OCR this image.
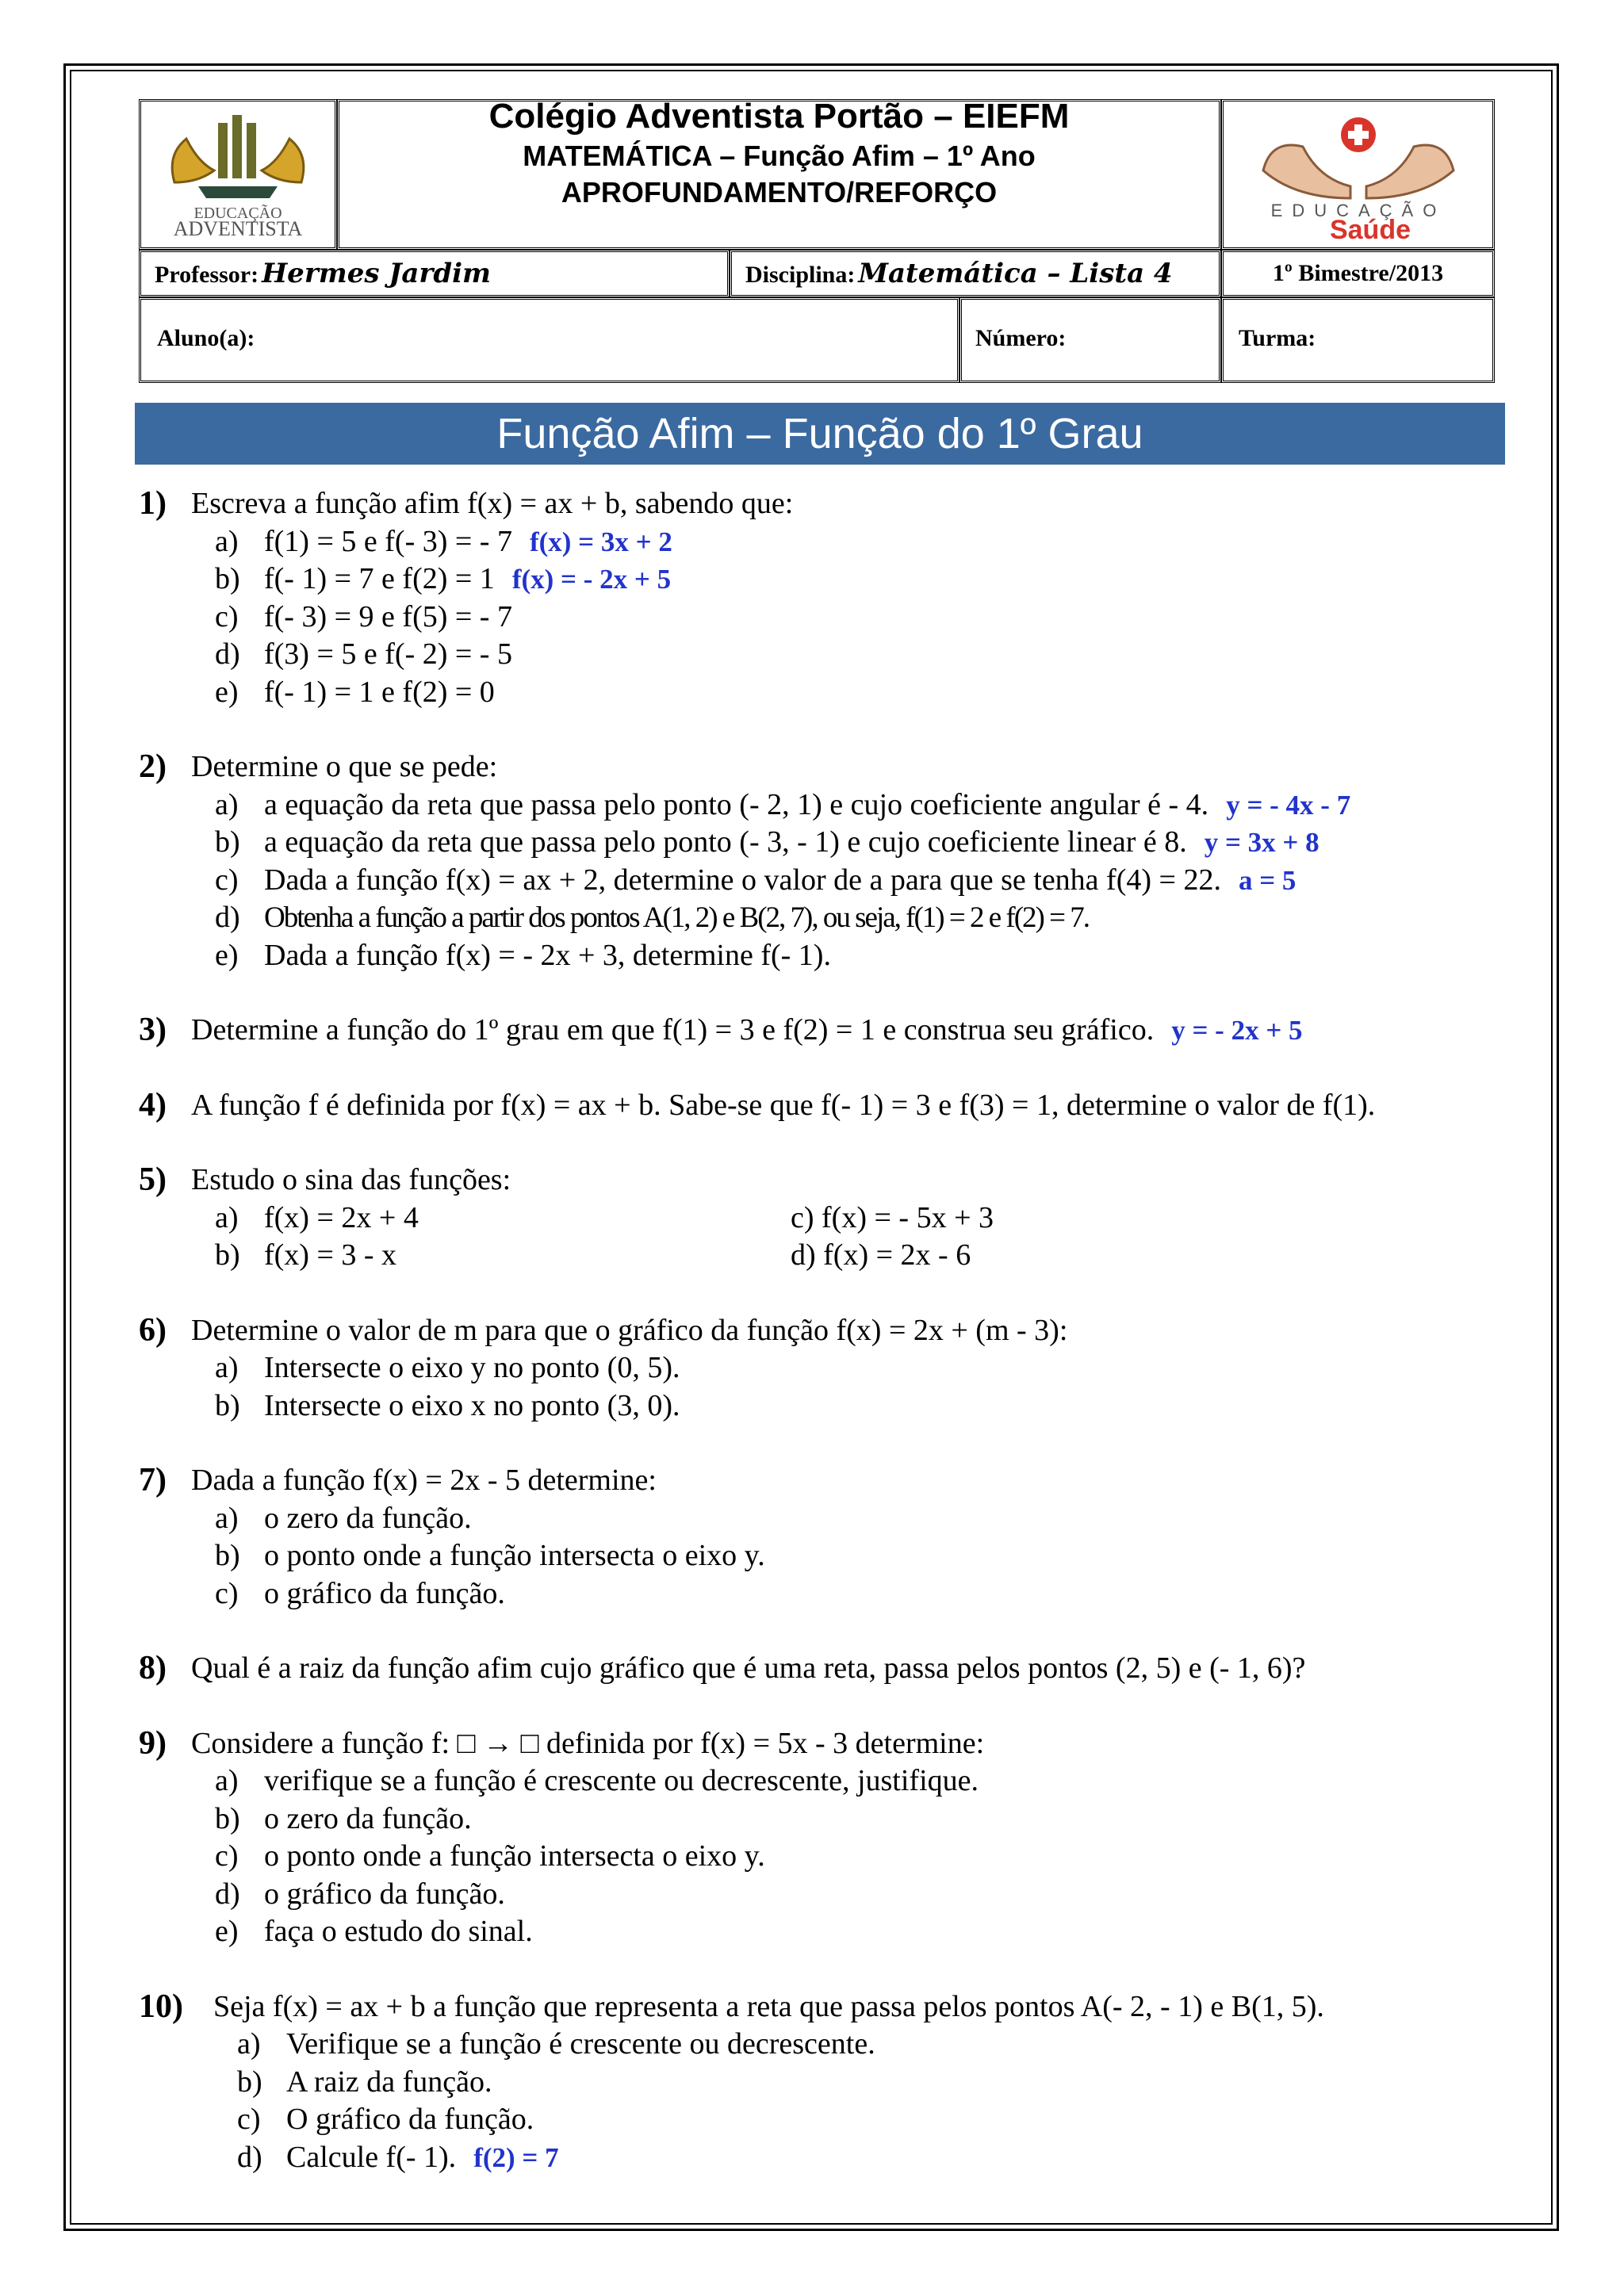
EDUCAÇÃO
ADVENTISTA
Colégio Adventista Portão – EIEFM
MATEMÁTICA – Função Afim – 1º Ano
APROFUNDAMENTO/REFORÇO
EDUCAÇÃO
Saúde
Professor: Hermes Jardim	Disciplina: Matemática – Lista 4	1º Bimestre/2013
Aluno(a):	Número:	Turma:
Função Afim – Função do 1º Grau
1) Escreva a função afim f(x) = ax + b, sabendo que:
a) f(1) = 5 e f(- 3) = - 7 f(x) = 3x + 2
b) f(- 1) = 7 e f(2) = 1 f(x) = - 2x + 5
c) f(- 3) = 9 e f(5) = - 7
d) f(3) = 5 e f(- 2) = - 5
e) f(- 1) = 1 e f(2) = 0
2) Determine o que se pede:
a) a equação da reta que passa pelo ponto (- 2, 1) e cujo coeficiente angular é - 4. y = - 4x - 7
b) a equação da reta que passa pelo ponto (- 3, - 1) e cujo coeficiente linear é 8. y = 3x + 8
c) Dada a função f(x) = ax + 2, determine o valor de a para que se tenha f(4) = 22. a = 5
d) Obtenha a função a partir dos pontos A(1, 2) e B(2, 7), ou seja, f(1) = 2 e f(2) = 7.
e) Dada a função f(x) = - 2x + 3, determine f(- 1).
3) Determine a função do 1º grau em que f(1) = 3 e f(2) = 1 e construa seu gráfico. y = - 2x + 5
4) A função f é definida por f(x) = ax + b. Sabe-se que f(- 1) = 3 e f(3) = 1, determine o valor de f(1).
5) Estudo o sina das funções:
a) f(x) = 2x + 4
b) f(x) = 3 - x
c) f(x) = - 5x + 3
d) f(x) = 2x - 6
6) Determine o valor de m para que o gráfico da função f(x) = 2x + (m - 3):
a) Intersecte o eixo y no ponto (0, 5).
b) Intersecte o eixo x no ponto (3, 0).
7) Dada a função f(x) = 2x - 5 determine:
a) o zero da função.
b) o ponto onde a função intersecta o eixo y.
c) o gráfico da função.
8) Qual é a raiz da função afim cujo gráfico que é uma reta, passa pelos pontos (2, 5) e (- 1, 6)?
9) Considere a função f: □ → □ definida por f(x) = 5x - 3 determine:
a) verifique se a função é crescente ou decrescente, justifique.
b) o zero da função.
c) o ponto onde a função intersecta o eixo y.
d) o gráfico da função.
e) faça o estudo do sinal.
10)	Seja f(x) = ax + b a função que representa a reta que passa pelos pontos A(- 2, - 1) e B(1, 5).
a) Verifique se a função é crescente ou decrescente.
b) A raiz da função.
c) O gráfico da função.
d) Calcule f(- 1). f(2) = 7
